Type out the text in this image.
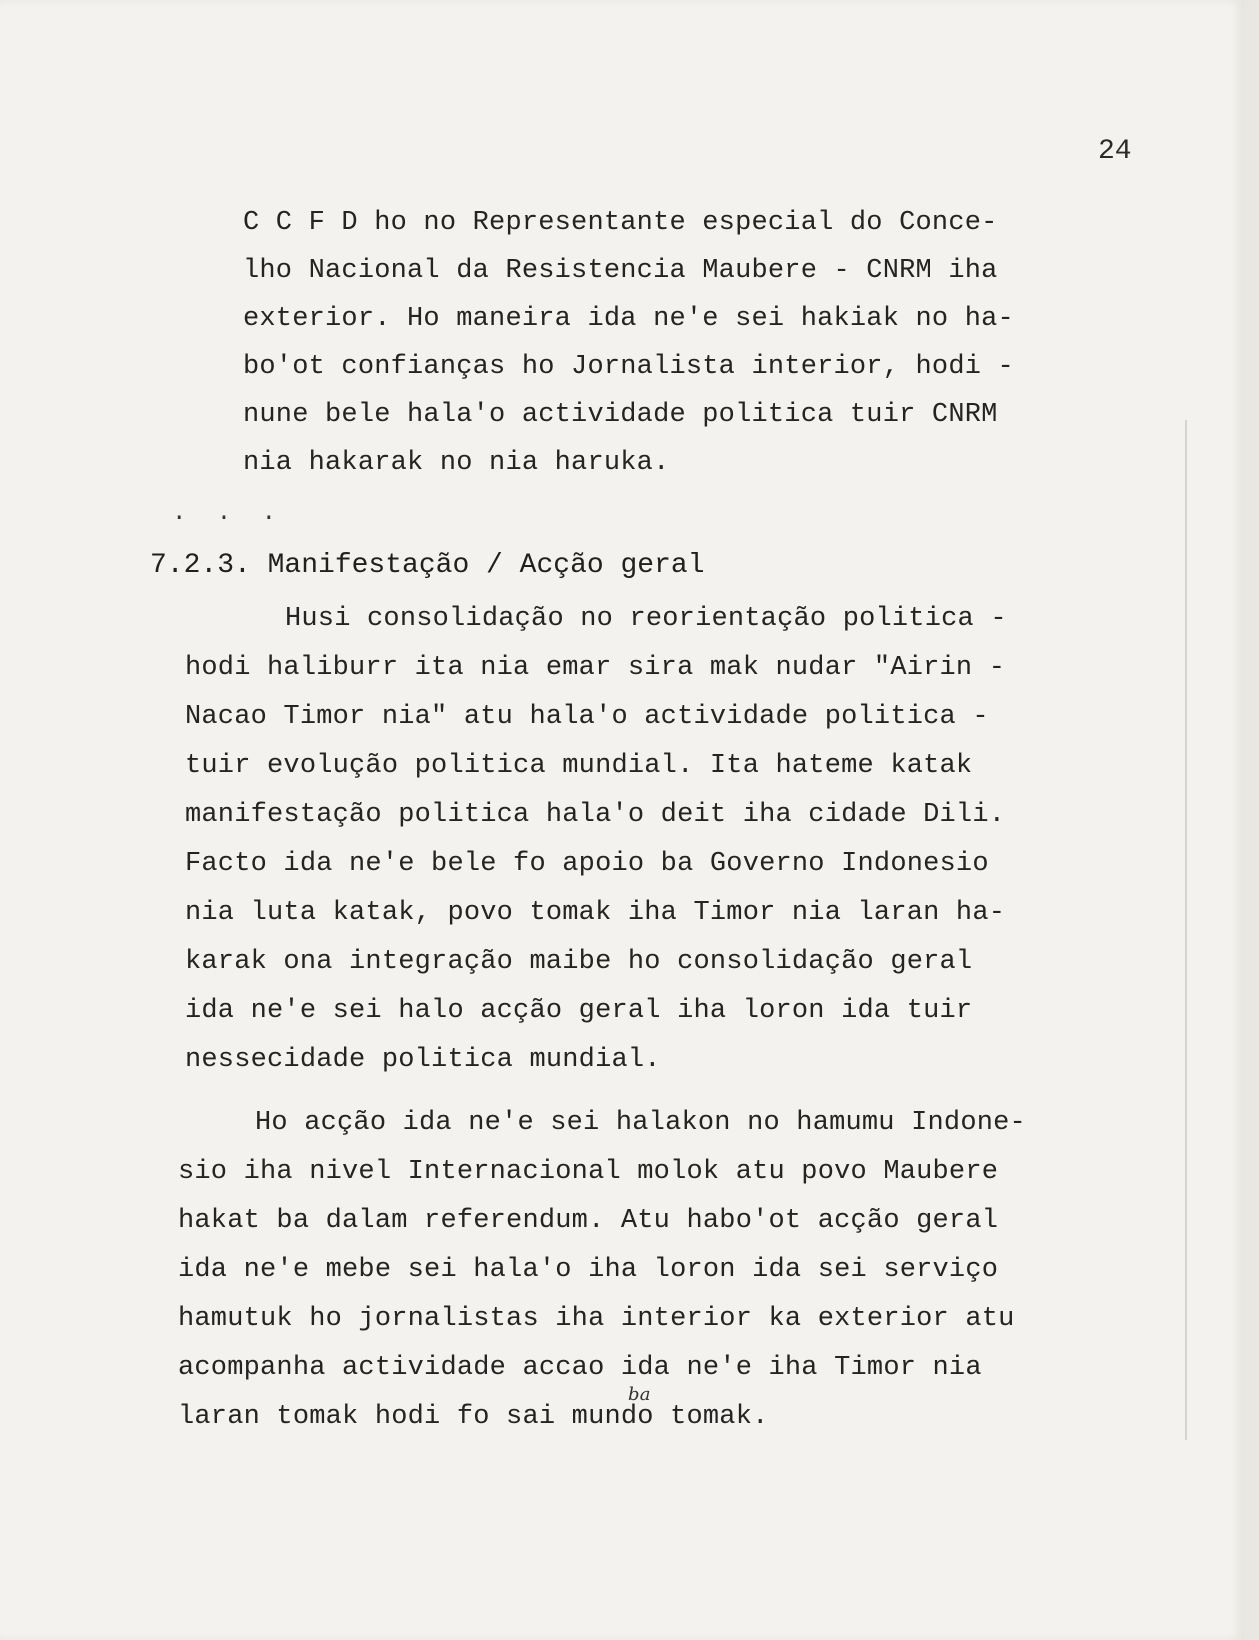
24
C C F D ho no Representante especial do Conce-
lho Nacional da Resistencia Maubere - CNRM iha
exterior. Ho maneira ida ne'e sei hakiak no ha-
bo'ot confianças ho Jornalista interior, hodi -
nune bele hala'o actividade politica tuir CNRM
nia hakarak no nia haruka.
. . .
7.2.3. Manifestação / Acção geral
Husi consolidação no reorientação politica -
hodi haliburr ita nia emar sira mak nudar "Airin -
Nacao Timor nia" atu hala'o actividade politica -
tuir evolução politica mundial. Ita hateme katak
manifestação politica hala'o deit iha cidade Dili.
Facto ida ne'e bele fo apoio ba Governo Indonesio
nia luta katak, povo tomak iha Timor nia laran ha-
karak ona integração maibe ho consolidação geral
ida ne'e sei halo acção geral iha loron ida tuir
nessecidade politica mundial.
Ho acção ida ne'e sei halakon no hamumu Indone-
sio iha nivel Internacional molok atu povo Maubere
hakat ba dalam referendum. Atu habo'ot acção geral
ida ne'e mebe sei hala'o iha loron ida sei serviço
hamutuk ho jornalistas iha interior ka exterior atu
acompanha actividade accao ida ne'e iha Timor nia
laran tomak hodi fo sai mundo tomak.
ba
